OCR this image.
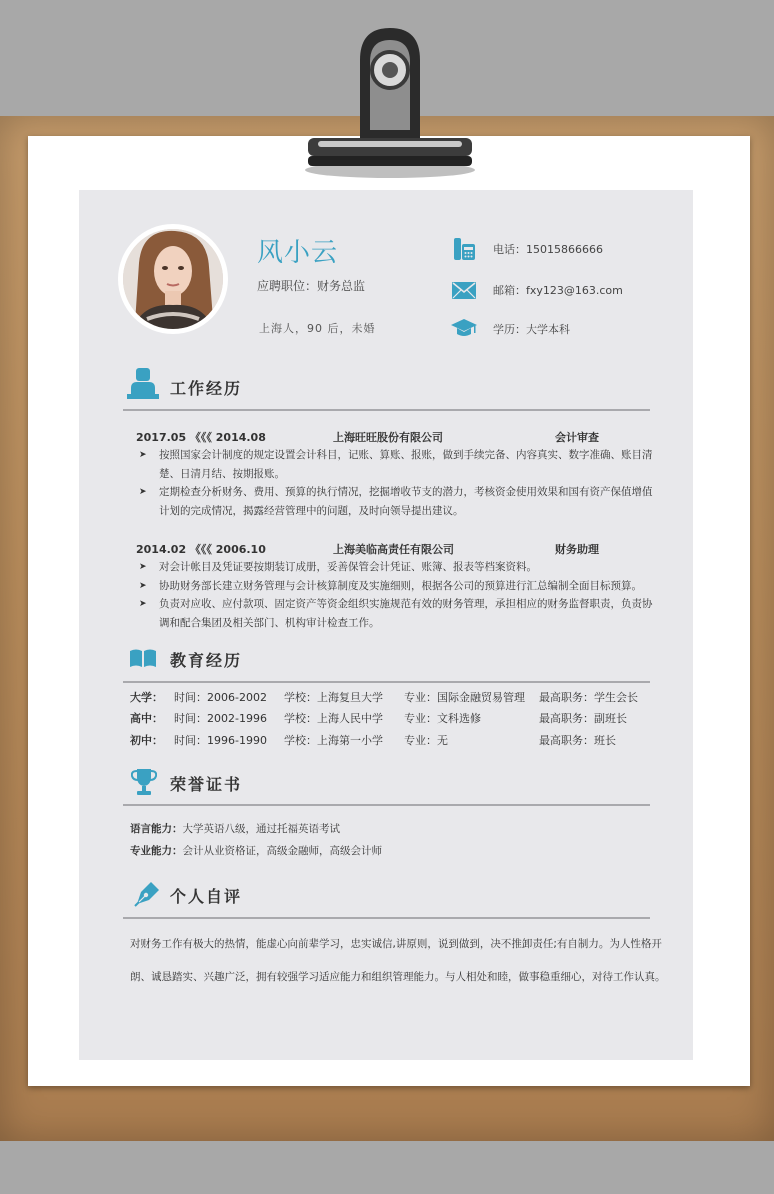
风小云
应聘职位：财务总监
上海人，90 后，未婚
电话：15015866666
邮箱：fxy123@163.com
学历：大学本科
工作经历
2017.05 《《《 2014.08	上海旺旺股份有限公司	会计审查
➤ 按照国家会计制度的规定设置会计科目，记账、算账、报账，做到手续完备、内容真实、数字准确、账目清楚、日清月结、按期报账。
➤ 定期检查分析财务、费用、预算的执行情况，挖掘增收节支的潜力，考核资金使用效果和国有资产保值增值计划的完成情况，揭露经营管理中的问题，及时向领导提出建议。
2014.02 《《《 2006.10	上海美临高责任有限公司	财务助理
➤ 对会计帐目及凭证要按期装订成册，妥善保管会计凭证、账簿、报表等档案资料。
➤ 协助财务部长建立财务管理与会计核算制度及实施细则，根据各公司的预算进行汇总编制全面目标预算。
➤ 负责对应收、应付款项、固定资产等资金组织实施规范有效的财务管理，承担相应的财务监督职责，负责协调和配合集团及相关部门、机构审计检查工作。
教育经历
大学： 时间：2006-2002 学校：上海复旦大学 专业：国际金融贸易管理 最高职务：学生会长
高中： 时间：2002-1996 学校：上海人民中学 专业：文科选修	最高职务：副班长
初中： 时间：1996-1990 学校：上海第一小学 专业：无	最高职务：班长
荣誉证书
语言能力：大学英语八级，通过托福英语考试
专业能力：会计从业资格证，高级金融师，高级会计师
个人自评
对财务工作有极大的热情，能虚心向前辈学习，忠实诚信,讲原则，说到做到，决不推卸责任;有自制力。为人性格开朗、诚恳踏实、兴趣广泛，拥有较强学习适应能力和组织管理能力。与人相处和睦，做事稳重细心，对待工作认真。
